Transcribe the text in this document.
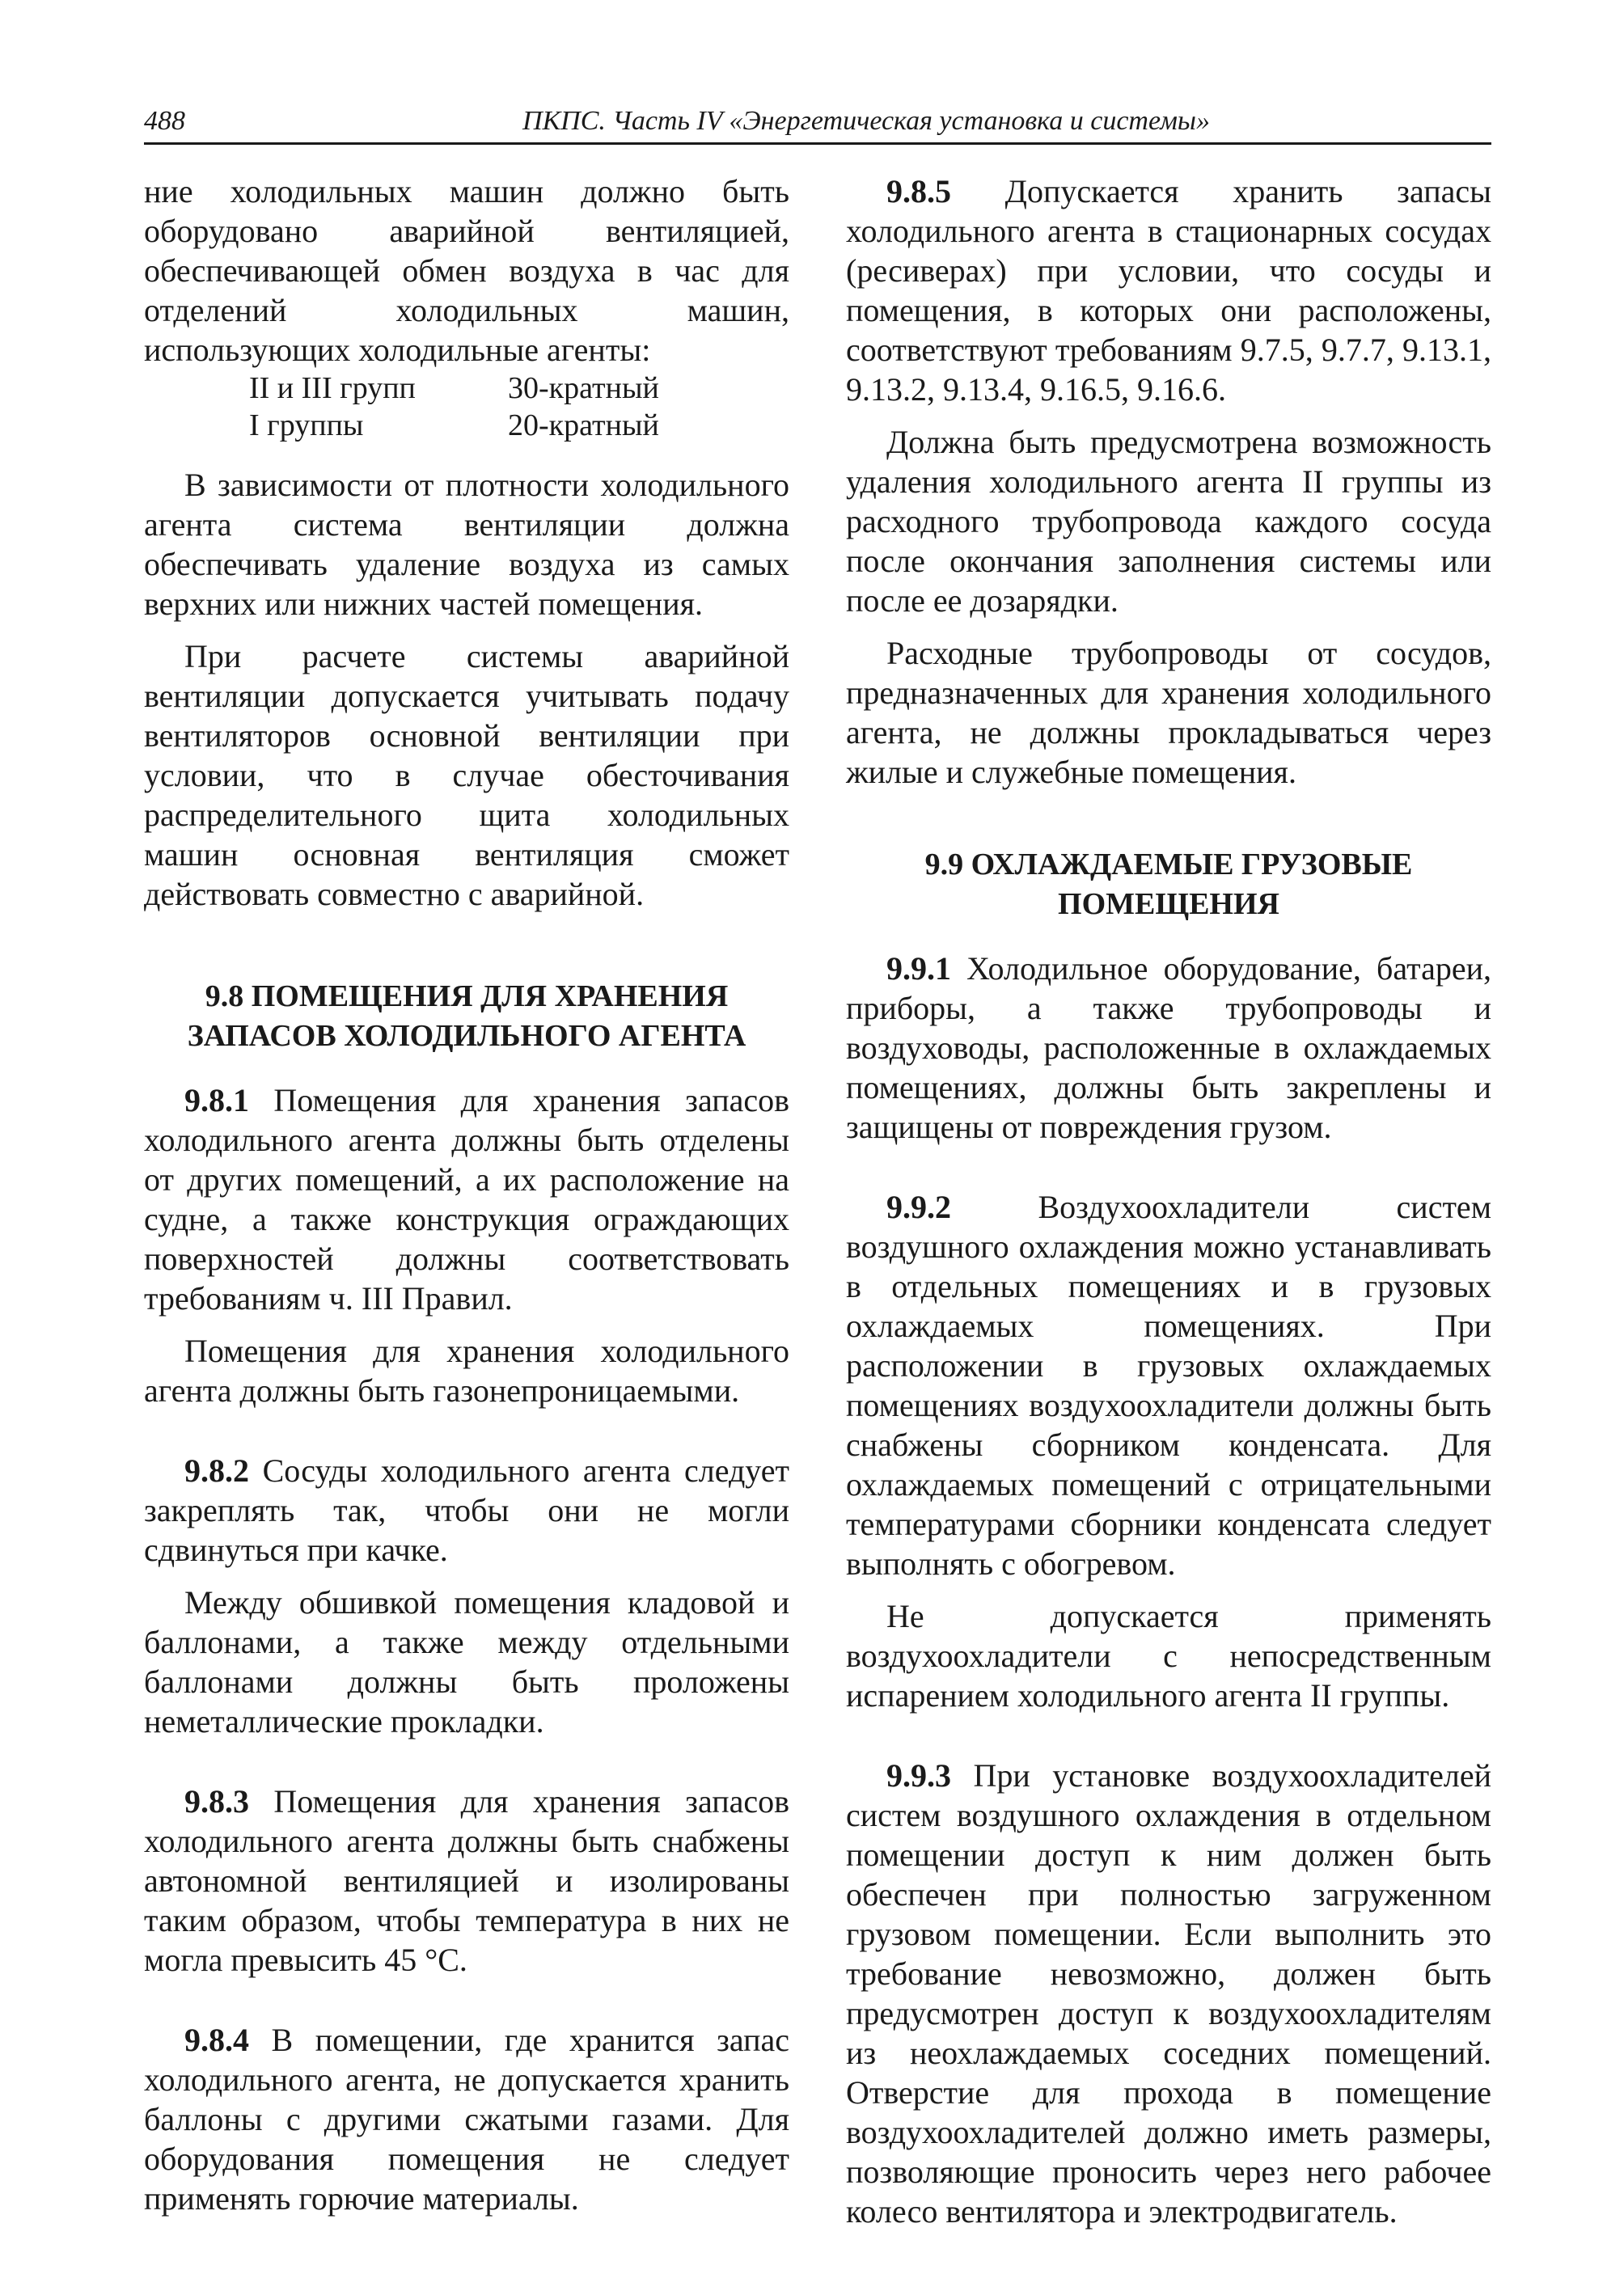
488	ПКПС. Часть IV «Энергетическая установка и системы»

ние холодильных машин должно быть оборудовано аварийной вентиляцией, обеспечивающей обмен воздуха в час для отделений холодильных машин, использующих холодильные агенты:

II и III групп	30-кратный
I группы	20-кратный

В зависимости от плотности холодильного агента система вентиляции должна обеспечивать удаление воздуха из самых верхних или нижних частей помещения.

При расчете системы аварийной вентиляции допускается учитывать подачу вентиляторов основной вентиляции при условии, что в случае обесточивания распределительного щита холодильных машин основная вентиляция сможет действовать совместно с аварийной.

9.8 ПОМЕЩЕНИЯ ДЛЯ ХРАНЕНИЯ ЗАПАСОВ ХОЛОДИЛЬНОГО АГЕНТА

9.8.1 Помещения для хранения запасов холодильного агента должны быть отделены от других помещений, а их расположение на судне, а также конструкция ограждающих поверхностей должны соответствовать требованиям ч. III Правил.

Помещения для хранения холодильного агента должны быть газонепроницаемыми.

9.8.2 Сосуды холодильного агента следует закреплять так, чтобы они не могли сдвинуться при качке.

Между обшивкой помещения кладовой и баллонами, а также между отдельными баллонами должны быть проложены неметаллические прокладки.

9.8.3 Помещения для хранения запасов холодильного агента должны быть снабжены автономной вентиляцией и изолированы таким образом, чтобы температура в них не могла превысить 45 °С.

9.8.4 В помещении, где хранится запас холодильного агента, не допускается хранить баллоны с другими сжатыми газами. Для оборудования помещения не следует применять горючие материалы.

9.8.5 Допускается хранить запасы холодильного агента в стационарных сосудах (ресиверах) при условии, что сосуды и помещения, в которых они расположены, соответствуют требованиям 9.7.5, 9.7.7, 9.13.1, 9.13.2, 9.13.4, 9.16.5, 9.16.6.

Должна быть предусмотрена возможность удаления холодильного агента II группы из расходного трубопровода каждого сосуда после окончания заполнения системы или после ее дозарядки.

Расходные трубопроводы от сосудов, предназначенных для хранения холодильного агента, не должны прокладываться через жилые и служебные помещения.

9.9 ОХЛАЖДАЕМЫЕ ГРУЗОВЫЕ ПОМЕЩЕНИЯ

9.9.1 Холодильное оборудование, батареи, приборы, а также трубопроводы и воздуховоды, расположенные в охлаждаемых помещениях, должны быть закреплены и защищены от повреждения грузом.

9.9.2	Воздухоохладители систем воздушного охлаждения можно устанавливать в отдельных помещениях и в грузовых охлаждаемых помещениях. При расположении в грузовых охлаждаемых помещениях воздухоохладители должны быть снабжены сборником конденсата. Для охлаждаемых помещений с отрицательными температурами сборники конденсата следует выполнять с обогревом.

Не допускается применять воздухоохладители с непосредственным испарением холодильного агента II группы.

9.9.3 При установке воздухоохладителей систем воздушного охлаждения в отдельном помещении доступ к ним должен быть обеспечен при полностью загруженном грузовом помещении. Если выполнить это требование невозможно, должен быть предусмотрен доступ к воздухоохладителям из неохлаждаемых соседних помещений. Отверстие для прохода в помещение воздухоохладителей должно иметь размеры, позволяющие проносить через него рабочее колесо вентилятора и электродвигатель.
